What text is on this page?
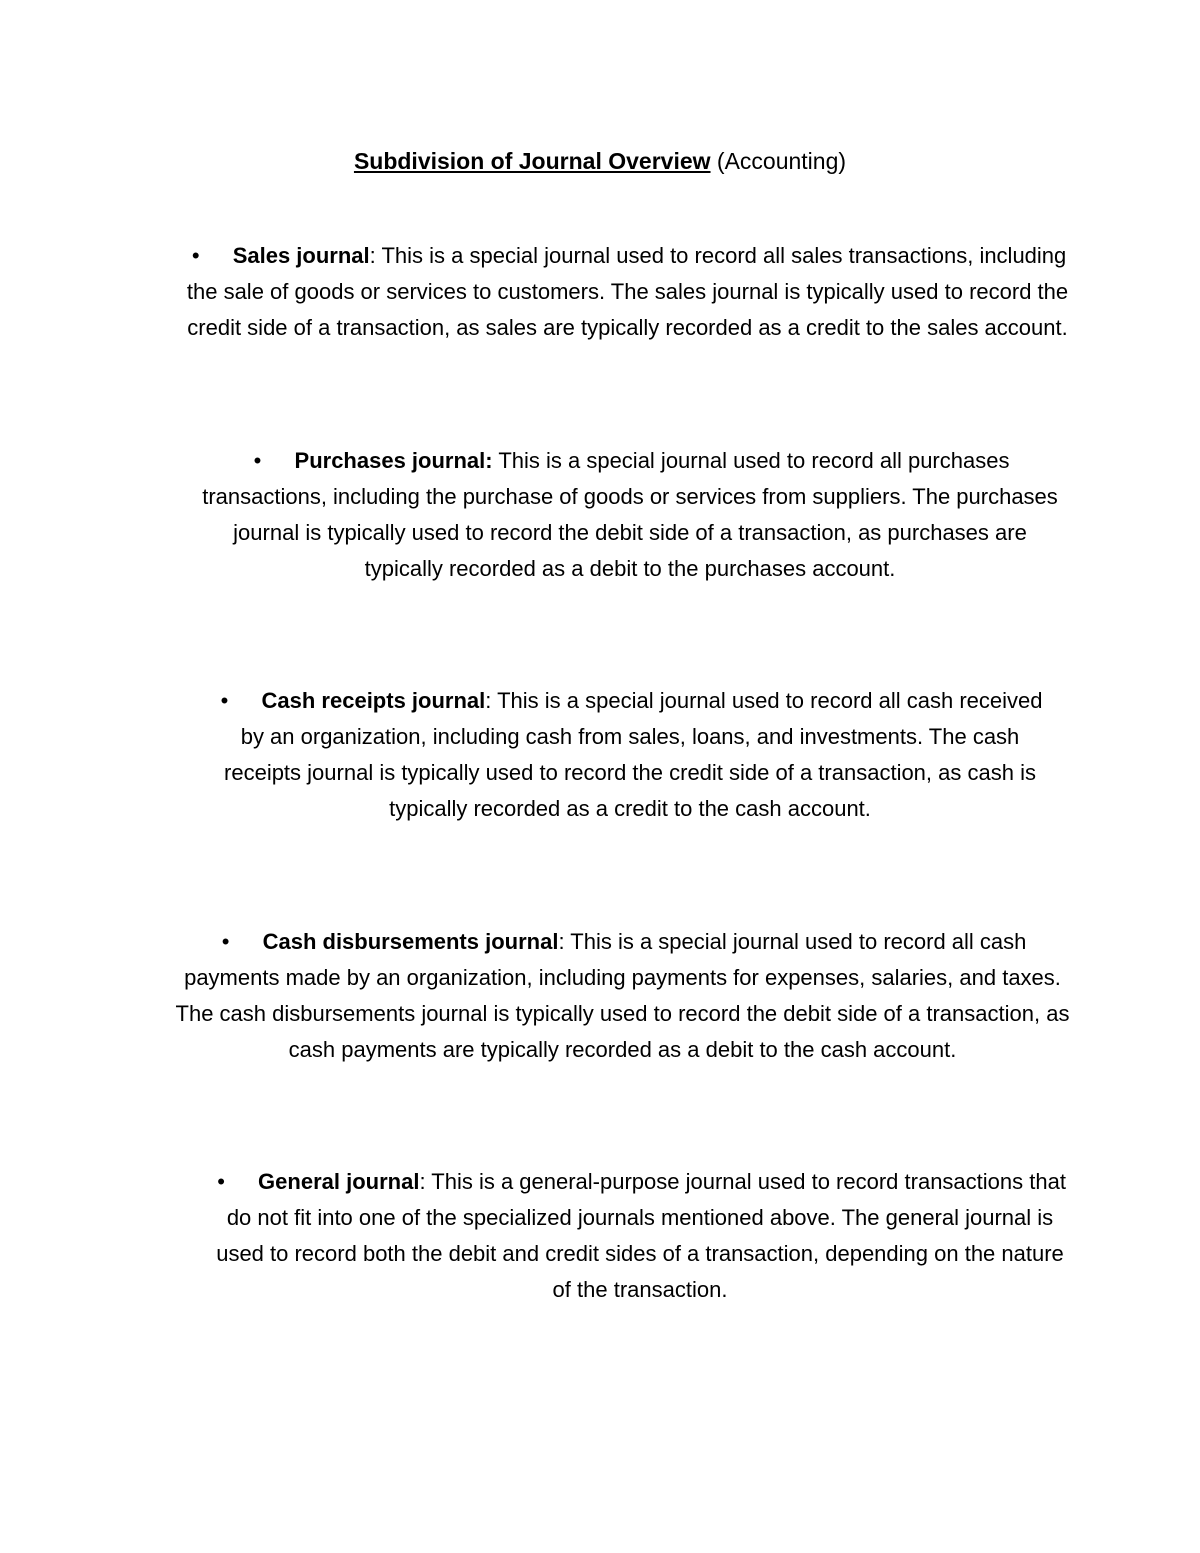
Subdivision of Journal Overview (Accounting)
• Sales journal: This is a special journal used to record all sales transactions, including the sale of goods or services to customers. The sales journal is typically used to record the credit side of a transaction, as sales are typically recorded as a credit to the sales account.
• Purchases journal: This is a special journal used to record all purchases transactions, including the purchase of goods or services from suppliers. The purchases journal is typically used to record the debit side of a transaction, as purchases are typically recorded as a debit to the purchases account.
• Cash receipts journal: This is a special journal used to record all cash received by an organization, including cash from sales, loans, and investments. The cash receipts journal is typically used to record the credit side of a transaction, as cash is typically recorded as a credit to the cash account.
• Cash disbursements journal: This is a special journal used to record all cash payments made by an organization, including payments for expenses, salaries, and taxes. The cash disbursements journal is typically used to record the debit side of a transaction, as cash payments are typically recorded as a debit to the cash account.
• General journal: This is a general-purpose journal used to record transactions that do not fit into one of the specialized journals mentioned above. The general journal is used to record both the debit and credit sides of a transaction, depending on the nature of the transaction.
